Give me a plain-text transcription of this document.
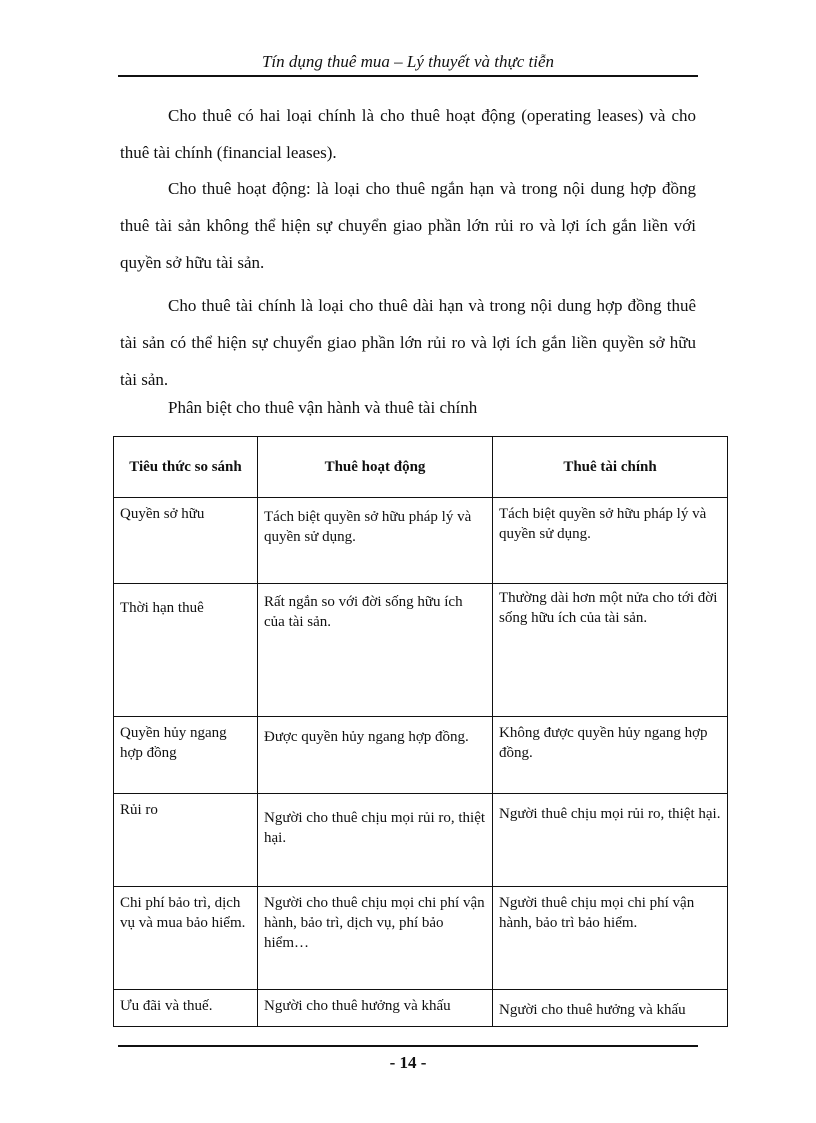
Tín dụng thuê mua – Lý thuyết và thực tiễn
Cho thuê có hai loại chính là cho thuê hoạt động (operating leases) và cho thuê tài chính (financial leases).
Cho thuê hoạt động: là loại cho thuê ngắn hạn và trong nội dung hợp đồng thuê tài sản không thể hiện sự chuyển giao phần lớn rủi ro và lợi ích gắn liền với quyền sở hữu tài sản.
Cho thuê tài chính là loại cho thuê dài hạn và trong nội dung hợp đồng thuê tài sản có thể hiện sự chuyển giao phần lớn rủi ro và lợi ích gắn liền quyền sở hữu tài sản.
Phân biệt cho thuê vận hành và thuê tài chính
Tiêu thức so sánh	Thuê hoạt động	Thuê tài chính
Quyền sở hữu	Tách biệt quyền sở hữu pháp lý và quyền sử dụng.	Tách biệt quyền sở hữu pháp lý và quyền sử dụng.
Thời hạn thuê	Rất ngắn so với đời sống hữu ích của tài sản.	Thường dài hơn một nửa cho tới đời sống hữu ích của tài sản.
Quyền hủy ngang hợp đồng	Được quyền hủy ngang hợp đồng.	Không được quyền hủy ngang hợp đồng.
Rủi ro	Người cho thuê chịu mọi rủi ro, thiệt hại.	Người thuê chịu mọi rủi ro, thiệt hại.
Chi phí bảo trì, dịch vụ và mua bảo hiểm.	Người cho thuê chịu mọi chi phí vận hành, bảo trì, dịch vụ, phí bảo hiểm…	Người thuê chịu mọi chi phí vận hành, bảo trì bảo hiểm.
Ưu đãi và thuế.	Người cho thuê hưởng và khấu	Người cho thuê hưởng và khấu
- 14 -
